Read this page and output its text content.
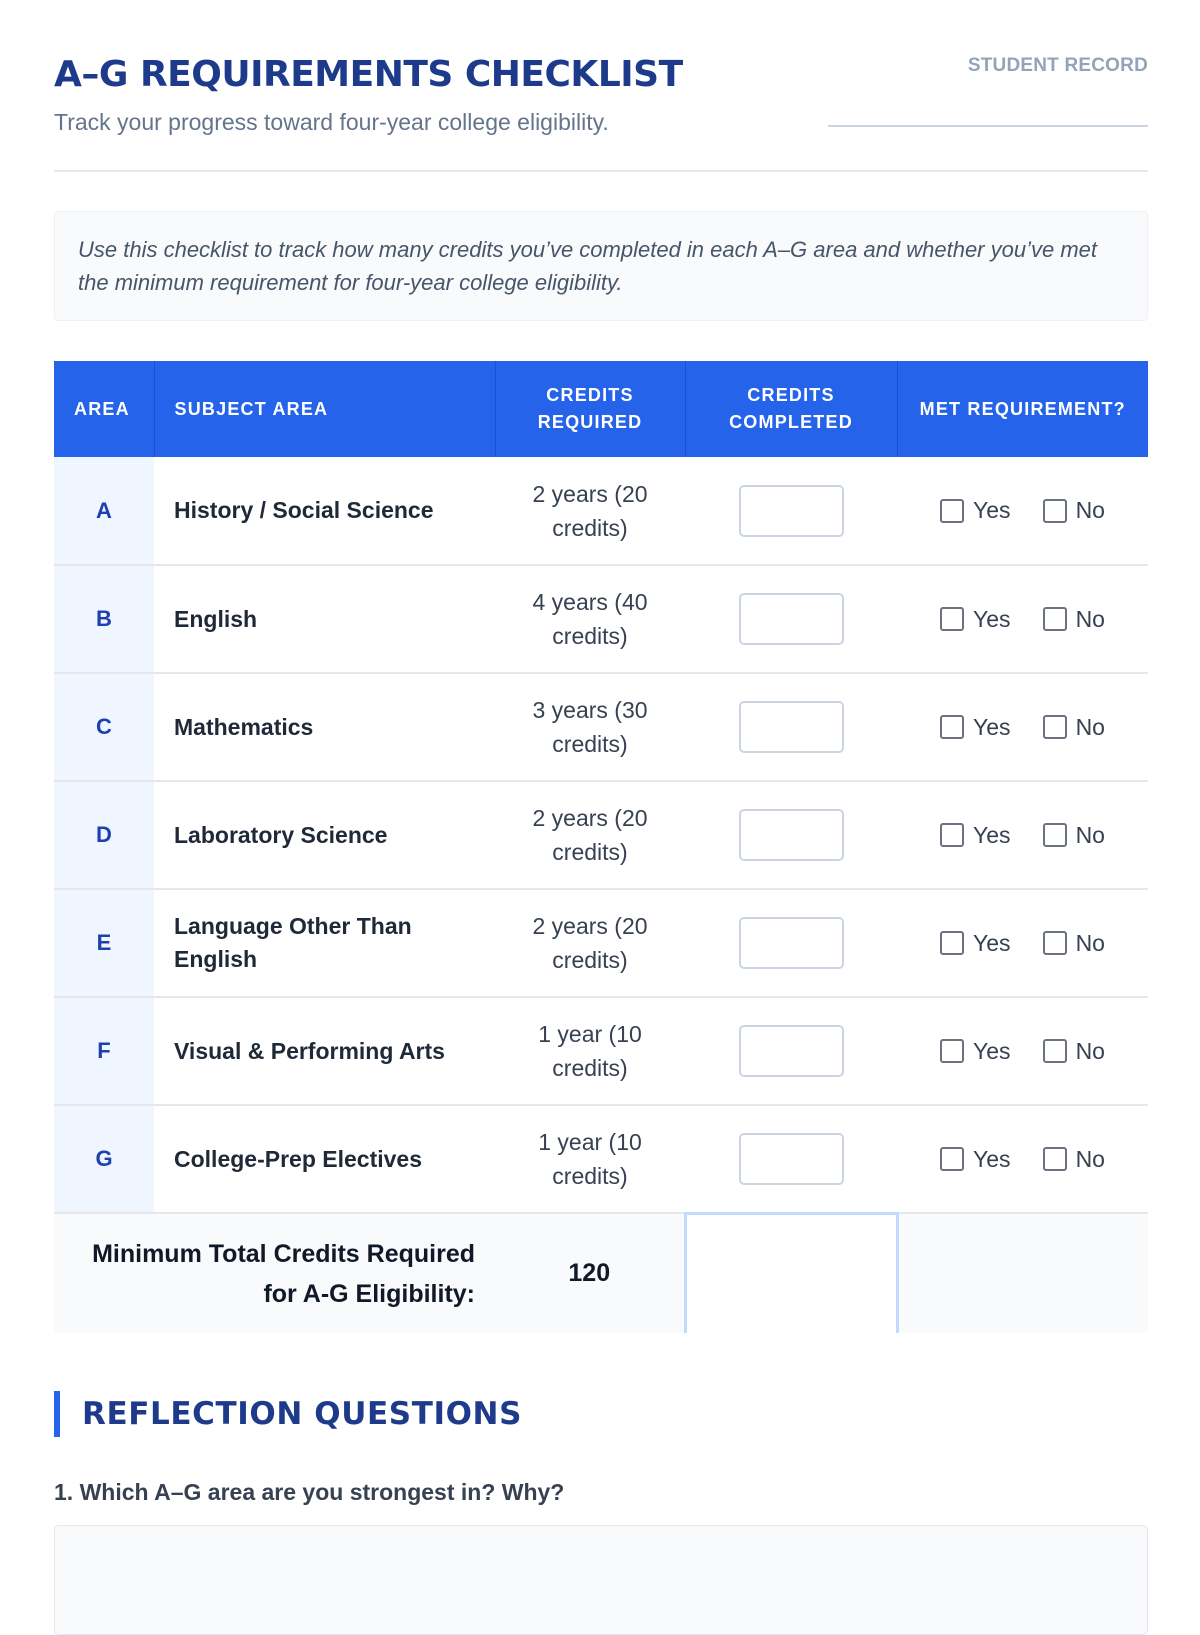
A–G REQUIREMENTS CHECKLIST

Track your progress toward four-year college eligibility.

STUDENT RECORD
Use this checklist to track how many credits you’ve completed in each A–G area and whether you’ve met the minimum requirement for four-year college eligibility.
AREA	SUBJECT AREA	CREDITS REQUIRED	CREDITS COMPLETED	MET REQUIREMENT?
A	History / Social Science	2 years (20 credits)		Yes No

B	English	4 years (40 credits)		Yes No

C	Mathematics	3 years (30 credits)		Yes No

D	Laboratory Science	2 years (20 credits)		Yes No

E	Language Other Than English	2 years (20 credits)		Yes No

F	Visual & Performing Arts	1 year (10 credits)		Yes No

G	College-Prep Electives	1 year (10 credits)		Yes No

Minimum Total Credits Required for A-G Eligibility:		120		
REFLECTION QUESTIONS

1. Which A–G area are you strongest in? Why?
